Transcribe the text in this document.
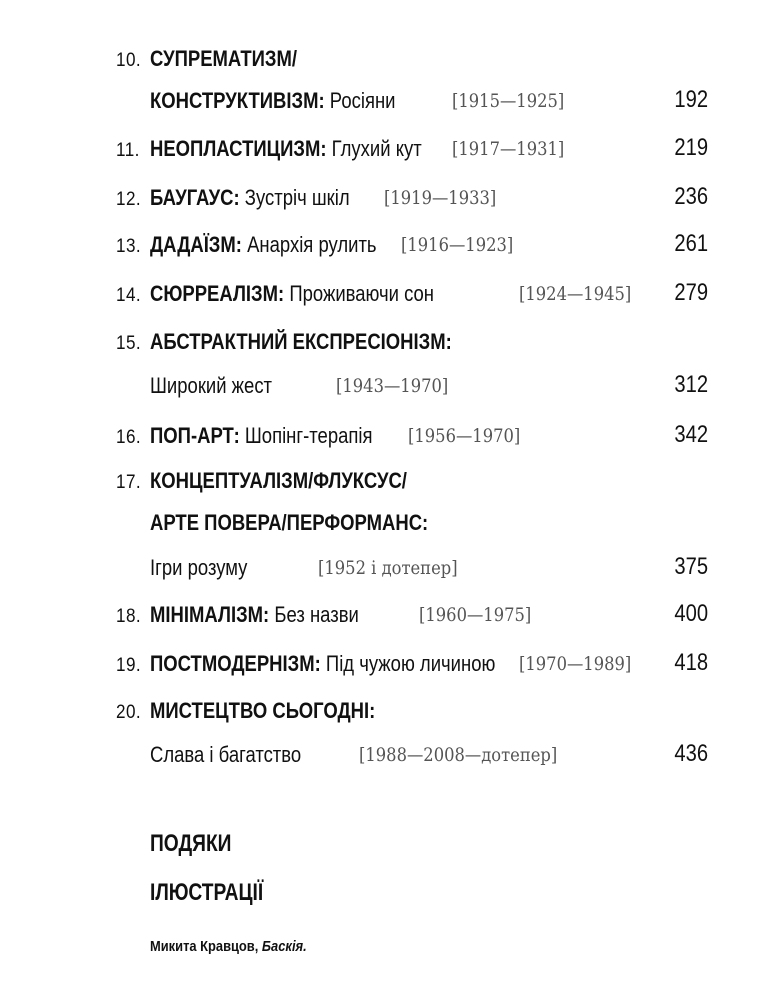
10. СУПРЕМАТИЗМ/
КОНСТРУКТИВІЗМ: Росіяни	[1915—1925]	192
11. НЕОПЛАСТИЦИЗМ: Глухий кут [1917—1931]	219
12. БАУГАУС: Зустріч шкіл [1919—1933]	236
13. ДАДАЇЗМ: Анархія рулить [1916—1923]	261
14. СЮРРЕАЛІЗМ: Проживаючи сон	[1924—1945] 279
15. АБСТРАКТНИЙ ЕКСПРЕСІОНІЗМ:
Широкий жест	[1943—1970]	312
16. ПОП-АРТ: Шопінг-терапія [1956—1970]	342
17. КОНЦЕПТУАЛІЗМ/ФЛУКСУС/
АРТЕ ПОВЕРА/ПЕРФОРМАНС:
Ігри розуму	[1952 і дотепер]	375
18. МІНІМАЛІЗМ: Без назви	[1960—1975]	400
19. ПОСТМОДЕРНІЗМ: Під чужою личиною [1970—1989] 418
20. МИСТЕЦТВО СЬОГОДНІ:
Слава і багатство	[1988—2008—дотепер]	436
ПОДЯКИ
ІЛЮСТРАЦІЇ
Микита Кравцов, Баскія.
